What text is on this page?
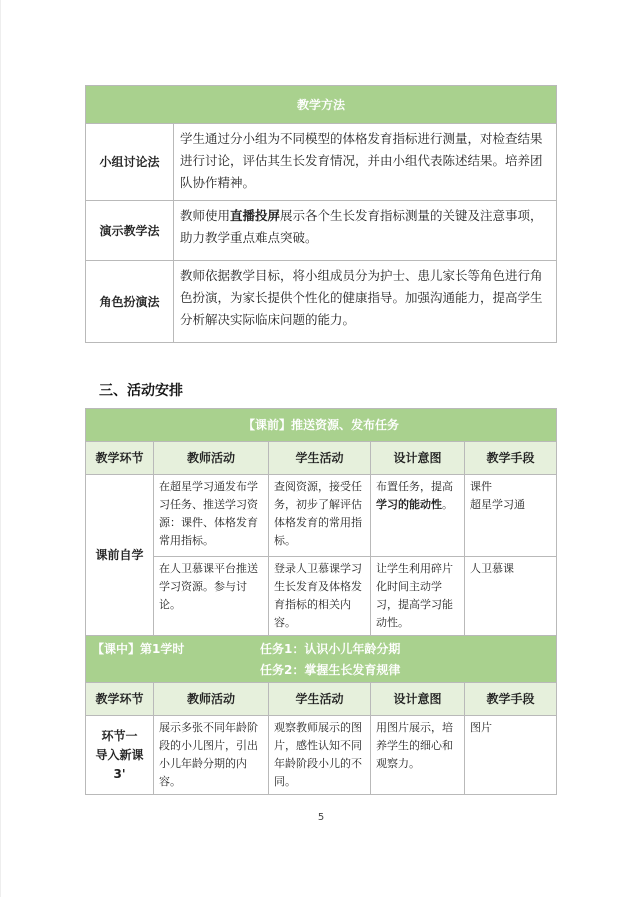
教学方法	
小组讨论法	学生通过分小组为不同模型的体格发育指标进行测量，对检查结果进行讨论，评估其生长发育情况，并由小组代表陈述结果。培养团队协作精神。
演示教学法	教师使用直播投屏展示各个生长发育指标测量的关键及注意事项，助力教学重点难点突破。
角色扮演法	教师依据教学目标，将小组成员分为护士、患儿家长等角色进行角色扮演，为家长提供个性化的健康指导。加强沟通能力，提高学生分析解决实际临床问题的能力。
三、活动安排
【课前】推送资源、发布任务				
教学环节	教师活动	学生活动	设计意图	教学手段
课前自学	在超星学习通发布学习任务、推送学习资源：课件、体格发育常用指标。	查阅资源，接受任务，初步了解评估体格发育的常用指标。	布置任务，提高学习的能动性。	课件
超星学习通

	在人卫慕课平台推送学习资源。参与讨论。	登录人卫慕课学习生长发育及体格发育指标的相关内容。	让学生利用碎片化时间主动学习，提高学习能动性。	人卫慕课

【课中】第1学时 任务1：认识小儿年龄分期
任务2：掌握生长发育规律				

教学环节	教师活动	学生活动	设计意图	教学手段

环节一
导入新课
3'	展示多张不同年龄阶段的小儿图片，引出小儿年龄分期的内容。	观察教师展示的图片，感性认知不同年龄阶段小儿的不同。	用图片展示，培养学生的细心和观察力。	图片
5
